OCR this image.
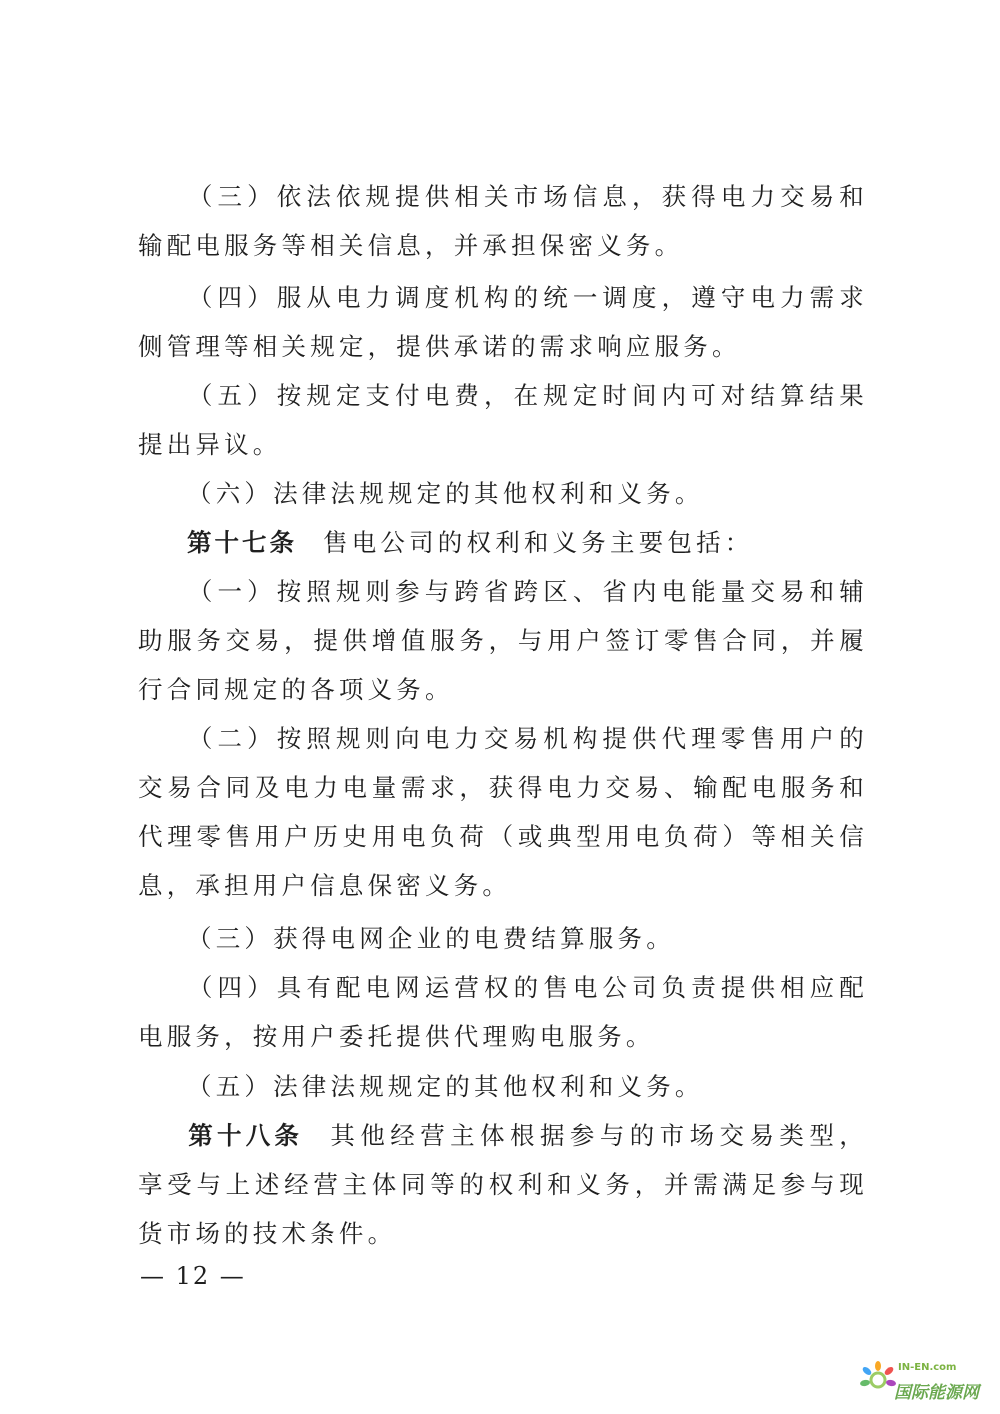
（三）依法依规提供相关市场信息，获得电力交易和输配电服务等相关信息，并承担保密义务。

（四）服从电力调度机构的统一调度，遵守电力需求侧管理等相关规定，提供承诺的需求响应服务。

（五）按规定支付电费，在规定时间内可对结算结果提出异议。

（六）法律法规规定的其他权利和义务。

第十七条 售电公司的权利和义务主要包括：

（一）按照规则参与跨省跨区、省内电能量交易和辅助服务交易，提供增值服务，与用户签订零售合同，并履行合同规定的各项义务。

（二）按照规则向电力交易机构提供代理零售用户的交易合同及电力电量需求，获得电力交易、输配电服务和代理零售用户历史用电负荷（或典型用电负荷）等相关信息，承担用户信息保密义务。

（三）获得电网企业的电费结算服务。

（四）具有配电网运营权的售电公司负责提供相应配电服务，按用户委托提供代理购电服务。

（五）法律法规规定的其他权利和义务。

第十八条 其他经营主体根据参与的市场交易类型，享受与上述经营主体同等的权利和义务，并需满足参与现货市场的技术条件。

— 12 —
IN-EN.com
国际能源网
